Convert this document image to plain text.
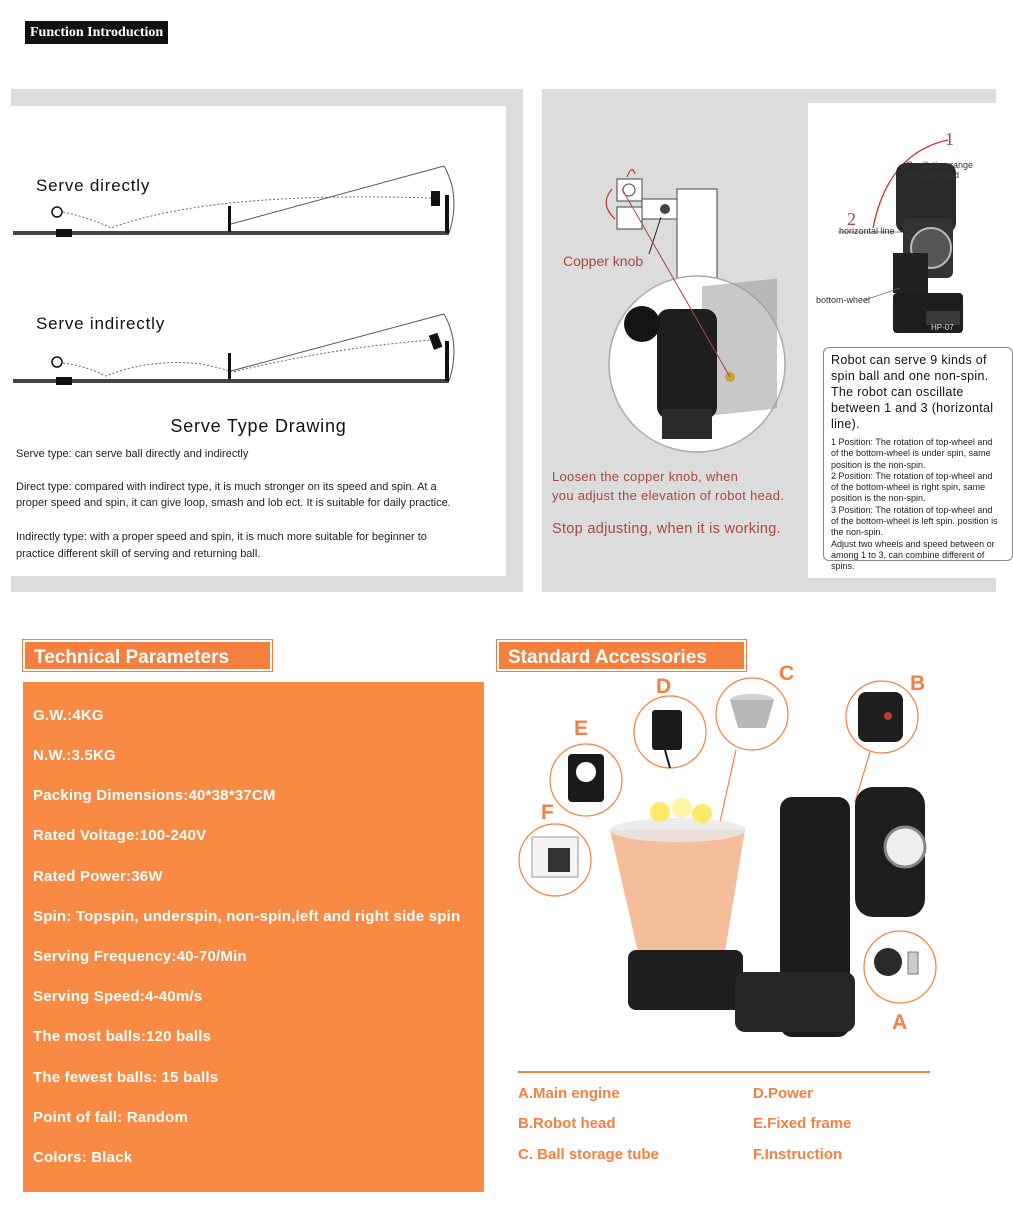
Function Introduction
Serve directly
Serve indirectly
Serve Type Drawing
Serve type: can serve ball directly and indirectly
Direct type: compared with indirect type, it is much stronger on its speed and spin. At a
proper speed and spin, it can give loop, smash and lob ect. It is suitable for daily practice.
Indirectly type: with a proper speed and spin, it is much more suitable for beginner to
practice different skill of serving and returning ball.
Copper knob
Loosen the copper knob, when
you adjust the elevation of robot head.
Stop adjusting, when it is working.
1
2
Oscillation range
of robot head
horizontal line
bottom-wheel
HP-07
Robot can serve 9 kinds of spin ball and one non-spin. The robot can oscillate between 1 and 3 (horizontal line).
1 Position: The rotation of top-wheel and of the bottom-wheel is under spin, same position is the non-spin.
2 Position: The rotation of top-wheel and of the bottom-wheel is right spin, same position is the non-spin.
3 Position: The rotation of top-wheel and of the bottom-wheel is left spin. position is the non-spin.
Adjust two wheels and speed between or among 1 to 3, can combine different of spins.
Technical Parameters
G.W.:4KG
N.W.:3.5KG
Packing Dimensions:40*38*37CM
Rated Voltage:100-240V
Rated Power:36W
Spin: Topspin, underspin, non-spin,left and right side spin
Serving Frequency:40-70/Min
Serving Speed:4-40m/s
The most balls:120 balls
The fewest balls: 15 balls
Point of fall: Random
Colors: Black
Standard Accessories
D
C	B
E
F
A
A.Main engine
B.Robot head
C. Ball storage tube
D.Power
E.Fixed frame
F.Instruction
